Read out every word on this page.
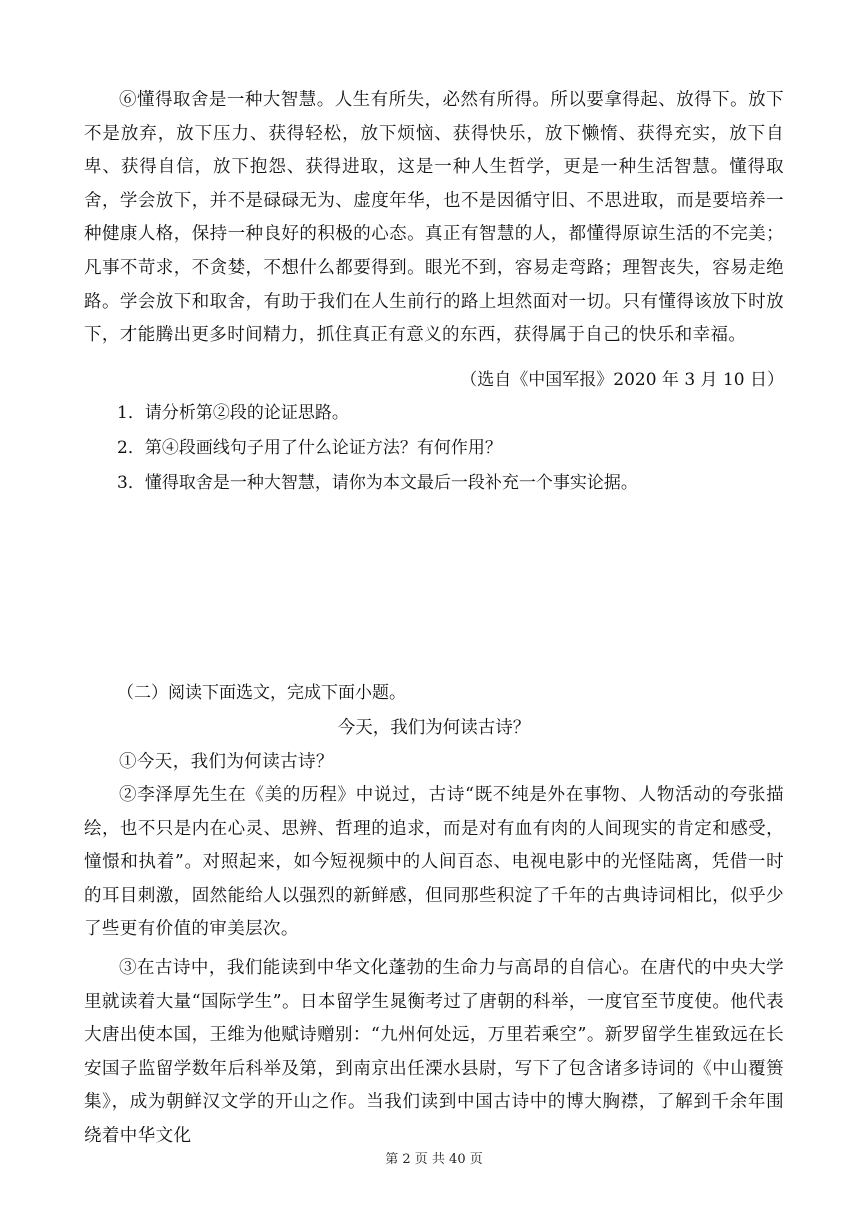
⑥懂得取舍是一种大智慧。人生有所失，必然有所得。所以要拿得起、放得下。放下不是放弃，放下压力、获得轻松，放下烦恼、获得快乐，放下懒惰、获得充实，放下自卑、获得自信，放下抱怨、获得进取，这是一种人生哲学，更是一种生活智慧。懂得取舍，学会放下，并不是碌碌无为、虚度年华，也不是因循守旧、不思进取，而是要培养一种健康人格，保持一种良好的积极的心态。真正有智慧的人，都懂得原谅生活的不完美；凡事不苛求，不贪婪，不想什么都要得到。眼光不到，容易走弯路；理智丧失，容易走绝路。学会放下和取舍，有助于我们在人生前行的路上坦然面对一切。只有懂得该放下时放下，才能腾出更多时间精力，抓住真正有意义的东西，获得属于自己的快乐和幸福。

（选自《中国军报》2020 年 3 月 10 日）

1．请分析第②段的论证思路。

2．第④段画线句子用了什么论证方法？有何作用？

3．懂得取舍是一种大智慧，请你为本文最后一段补充一个事实论据。

（二）阅读下面选文，完成下面小题。

今天，我们为何读古诗？

①今天，我们为何读古诗？

②李泽厚先生在《美的历程》中说过，古诗“既不纯是外在事物、人物活动的夸张描绘，也不只是内在心灵、思辨、哲理的追求，而是对有血有肉的人间现实的肯定和感受，憧憬和执着”。对照起来，如今短视频中的人间百态、电视电影中的光怪陆离，凭借一时的耳目刺激，固然能给人以强烈的新鲜感，但同那些积淀了千年的古典诗词相比，似乎少了些更有价值的审美层次。

③在古诗中，我们能读到中华文化蓬勃的生命力与高昂的自信心。在唐代的中央大学里就读着大量“国际学生”。日本留学生晁衡考过了唐朝的科举，一度官至节度使。他代表大唐出使本国，王维为他赋诗赠别：“九州何处远，万里若乘空”。新罗留学生崔致远在长安国子监留学数年后科举及第，到南京出任溧水县尉，写下了包含诸多诗词的《中山覆篑集》，成为朝鲜汉文学的开山之作。当我们读到中国古诗中的博大胸襟，了解到千余年围绕着中华文化

第 2 页 共 40 页
